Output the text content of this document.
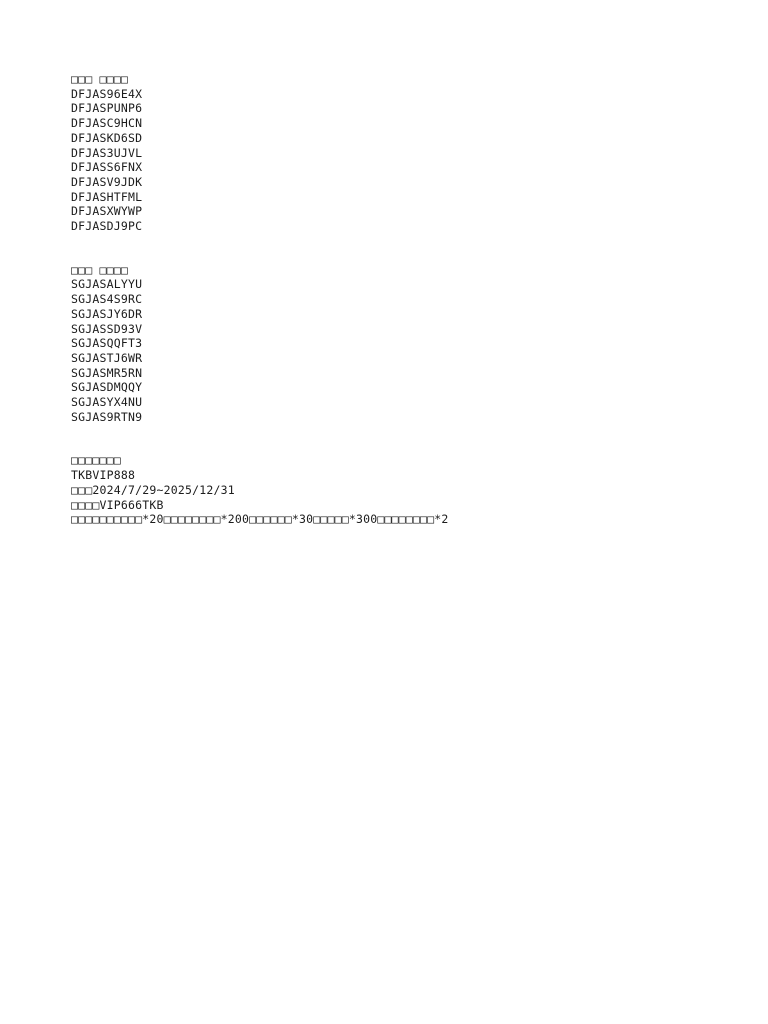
□□□ □□□□
DFJAS96E4X
DFJASPUNP6
DFJASC9HCN
DFJASKD6SD
DFJAS3UJVL
DFJASS6FNX
DFJASV9JDK
DFJASHTFML
DFJASXWYWP
DFJASDJ9PC
□□□ □□□□
SGJASALYYU
SGJAS4S9RC
SGJASJY6DR
SGJASSD93V
SGJASQQFT3
SGJASTJ6WR
SGJASMR5RN
SGJASDMQQY
SGJASYX4NU
SGJAS9RTN9
□□□□□□□
TKBVIP888
□□□2024/7/29~2025/12/31
□□□□VIP666TKB
□□□□□□□□□□*20□□□□□□□□*200□□□□□□*30□□□□□*300□□□□□□□□*2
